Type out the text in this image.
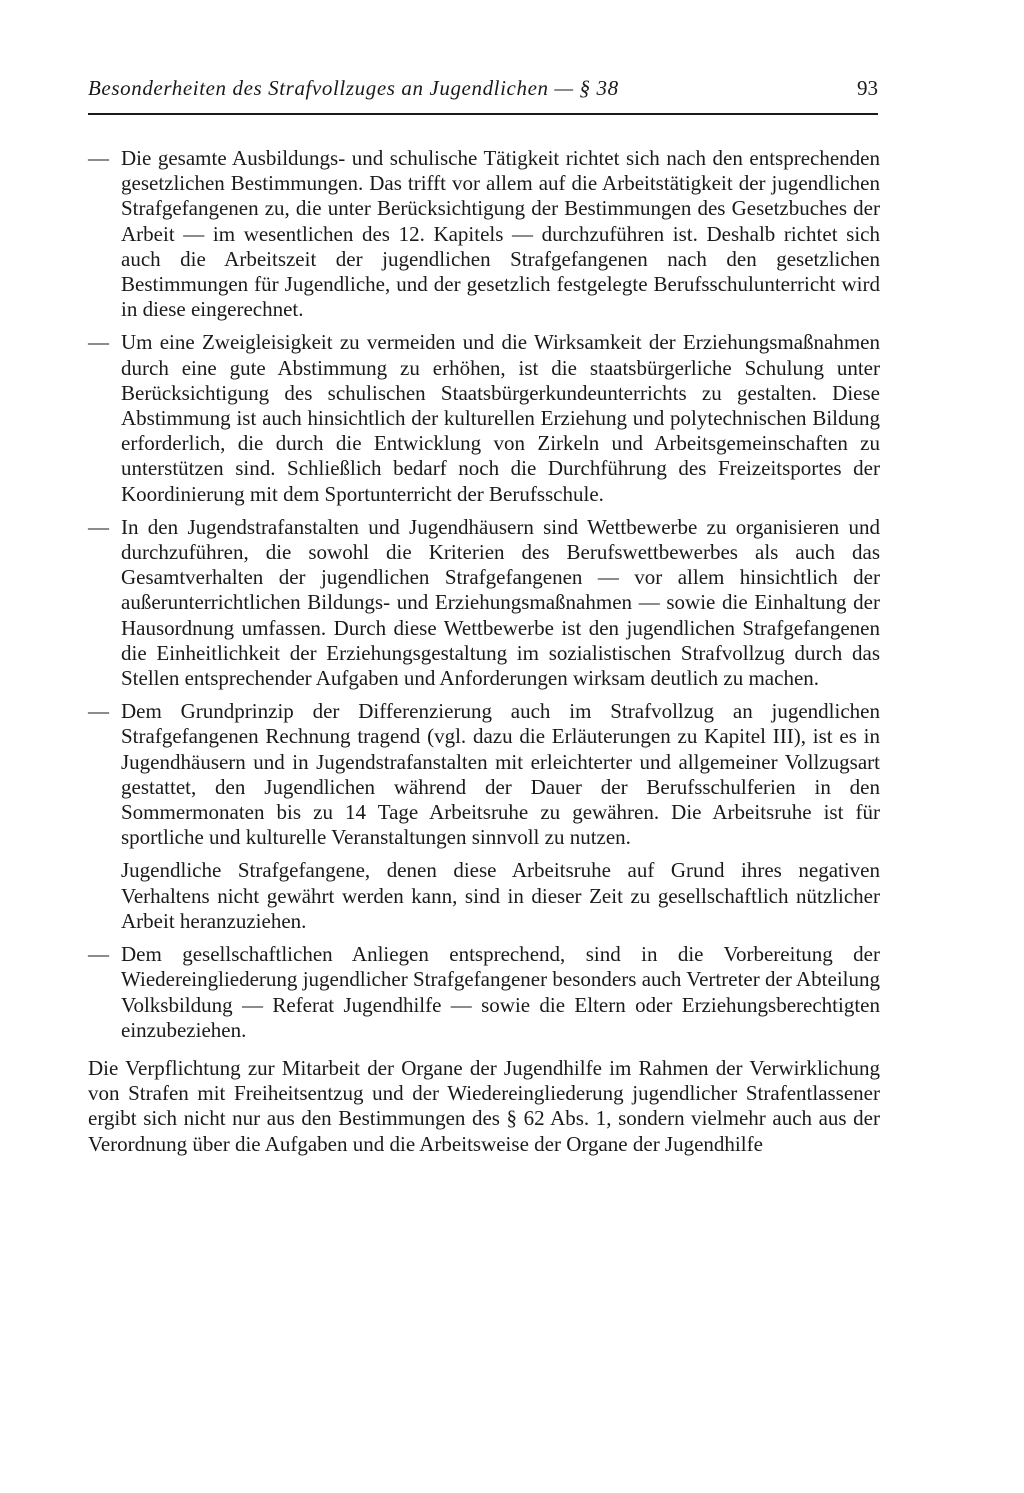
Besonderheiten des Strafvollzuges an Jugendlichen — § 38	93
— Die gesamte Ausbildungs- und schulische Tätigkeit richtet sich nach den entsprechenden gesetzlichen Bestimmungen. Das trifft vor allem auf die Arbeitstätigkeit der jugendlichen Strafgefangenen zu, die unter Berücksichtigung der Bestimmungen des Gesetzbuches der Arbeit — im wesentlichen des 12. Kapitels — durchzuführen ist. Deshalb richtet sich auch die Arbeitszeit der jugendlichen Strafgefangenen nach den gesetzlichen Bestimmungen für Jugendliche, und der gesetzlich festgelegte Berufsschulunterricht wird in diese eingerechnet.

— Um eine Zweigleisigkeit zu vermeiden und die Wirksamkeit der Erziehungsmaßnahmen durch eine gute Abstimmung zu erhöhen, ist die staatsbürgerliche Schulung unter Berücksichtigung des schulischen Staatsbürgerkundeunterrichts zu gestalten. Diese Abstimmung ist auch hinsichtlich der kulturellen Erziehung und polytechnischen Bildung erforderlich, die durch die Entwicklung von Zirkeln und Arbeitsgemeinschaften zu unterstützen sind. Schließlich bedarf noch die Durchführung des Freizeitsportes der Koordinierung mit dem Sportunterricht der Berufsschule.

— In den Jugendstrafanstalten und Jugendhäusern sind Wettbewerbe zu organisieren und durchzuführen, die sowohl die Kriterien des Berufswettbewerbes als auch das Gesamtverhalten der jugendlichen Strafgefangenen — vor allem hinsichtlich der außerunterrichtlichen Bildungs- und Erziehungsmaßnahmen — sowie die Einhaltung der Hausordnung umfassen. Durch diese Wettbewerbe ist den jugendlichen Strafgefangenen die Einheitlichkeit der Erziehungsgestaltung im sozialistischen Strafvollzug durch das Stellen entsprechender Aufgaben und Anforderungen wirksam deutlich zu machen.

— Dem Grundprinzip der Differenzierung auch im Strafvollzug an jugendlichen Strafgefangenen Rechnung tragend (vgl. dazu die Erläuterungen zu Kapitel III), ist es in Jugendhäusern und in Jugendstrafanstalten mit erleichterter und allgemeiner Vollzugsart gestattet, den Jugendlichen während der Dauer der Berufsschulferien in den Sommermonaten bis zu 14 Tage Arbeitsruhe zu gewähren. Die Arbeitsruhe ist für sportliche und kulturelle Veranstaltungen sinnvoll zu nutzen.

Jugendliche Strafgefangene, denen diese Arbeitsruhe auf Grund ihres negativen Verhaltens nicht gewährt werden kann, sind in dieser Zeit zu gesellschaftlich nützlicher Arbeit heranzuziehen.

— Dem gesellschaftlichen Anliegen entsprechend, sind in die Vorbereitung der Wiedereingliederung jugendlicher Strafgefangener besonders auch Vertreter der Abteilung Volksbildung — Referat Jugendhilfe — sowie die Eltern oder Erziehungsberechtigten einzubeziehen.

Die Verpflichtung zur Mitarbeit der Organe der Jugendhilfe im Rahmen der Verwirklichung von Strafen mit Freiheitsentzug und der Wiedereingliederung jugendlicher Strafentlassener ergibt sich nicht nur aus den Bestimmungen des § 62 Abs. 1, sondern vielmehr auch aus der Verordnung über die Aufgaben und die Arbeitsweise der Organe der Jugendhilfe
